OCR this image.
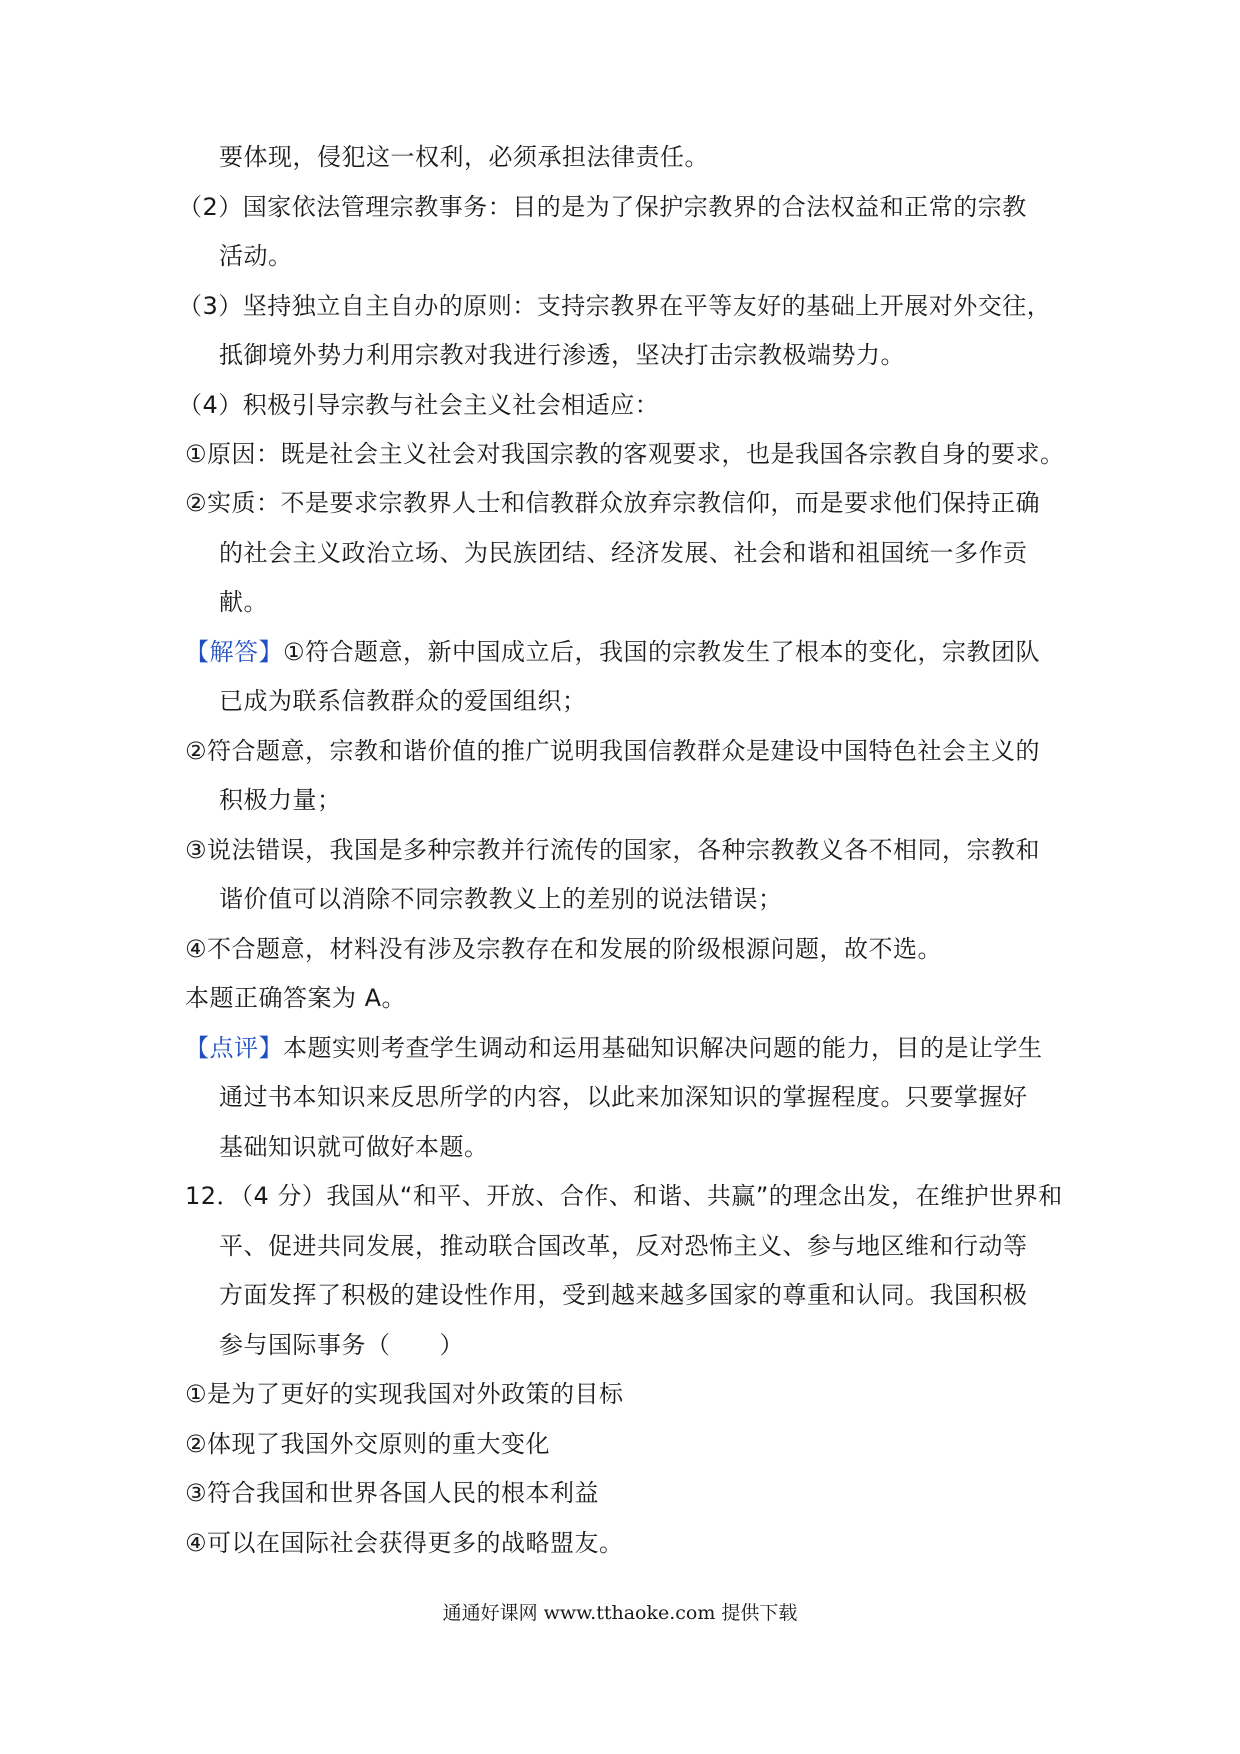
要体现，侵犯这一权利，必须承担法律责任。
（2）国家依法管理宗教事务：目的是为了保护宗教界的合法权益和正常的宗教
活动。
（3）坚持独立自主自办的原则：支持宗教界在平等友好的基础上开展对外交往，
抵御境外势力利用宗教对我进行渗透，坚决打击宗教极端势力。
（4）积极引导宗教与社会主义社会相适应：
①原因：既是社会主义社会对我国宗教的客观要求，也是我国各宗教自身的要求。
②实质：不是要求宗教界人士和信教群众放弃宗教信仰，而是要求他们保持正确
的社会主义政治立场、为民族团结、经济发展、社会和谐和祖国统一多作贡
献。
【解答】①符合题意，新中国成立后，我国的宗教发生了根本的变化，宗教团队
已成为联系信教群众的爱国组织；
②符合题意，宗教和谐价值的推广说明我国信教群众是建设中国特色社会主义的
积极力量；
③说法错误，我国是多种宗教并行流传的国家，各种宗教教义各不相同，宗教和
谐价值可以消除不同宗教教义上的差别的说法错误；
④不合题意，材料没有涉及宗教存在和发展的阶级根源问题，故不选。
本题正确答案为 A。
【点评】本题实则考查学生调动和运用基础知识解决问题的能力，目的是让学生
通过书本知识来反思所学的内容，以此来加深知识的掌握程度。只要掌握好
基础知识就可做好本题。
12．（4 分）我国从“和平、开放、合作、和谐、共赢”的理念出发，在维护世界和
平、促进共同发展，推动联合国改革，反对恐怖主义、参与地区维和行动等
方面发挥了积极的建设性作用，受到越来越多国家的尊重和认同。我国积极
参与国际事务（　　）
①是为了更好的实现我国对外政策的目标
②体现了我国外交原则的重大变化
③符合我国和世界各国人民的根本利益
④可以在国际社会获得更多的战略盟友。
通通好课网 www.tthaoke.com 提供下载
